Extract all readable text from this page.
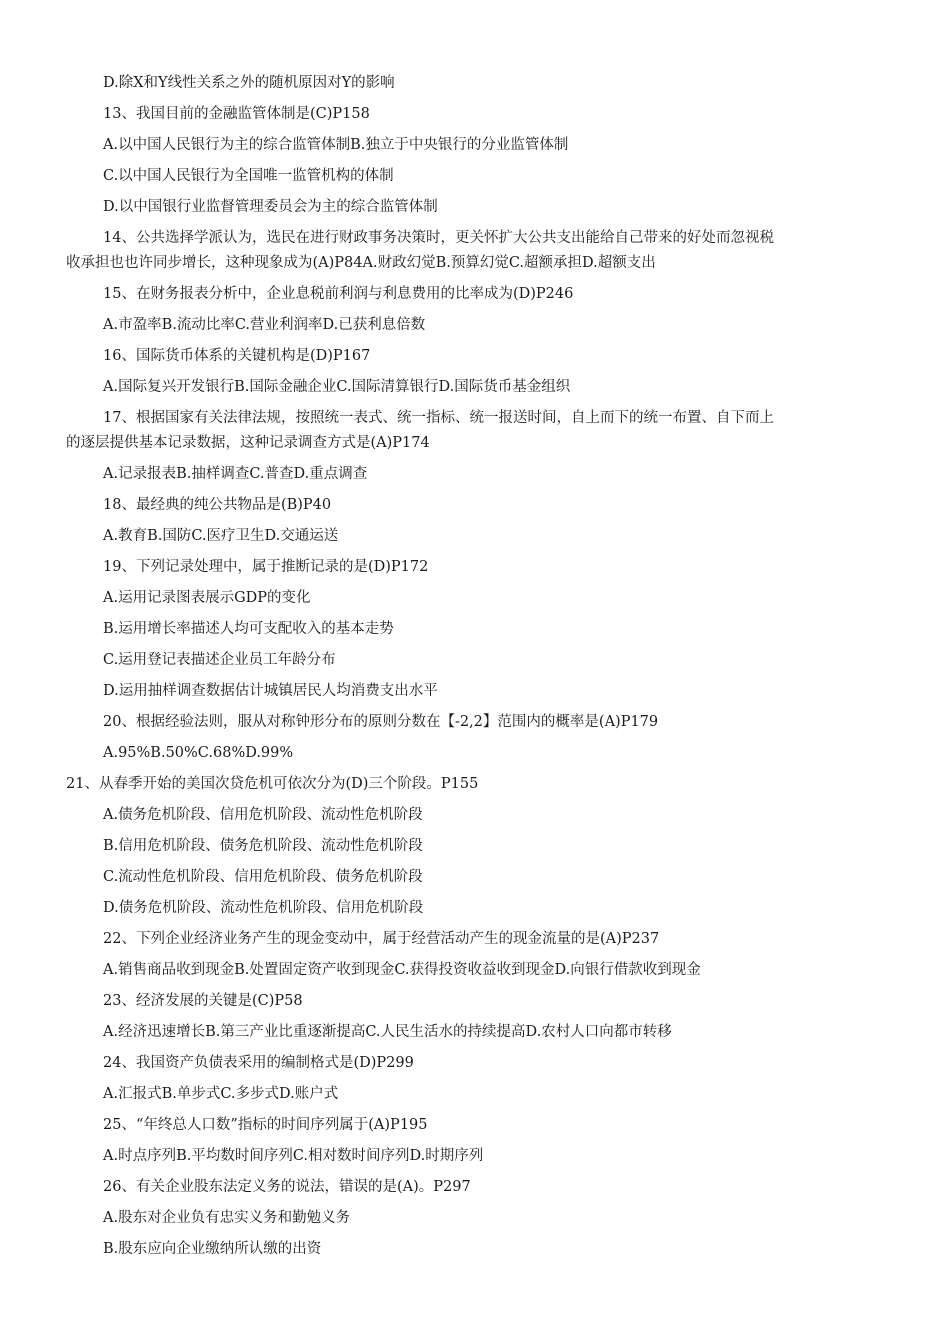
D.除X和Y线性关系之外的随机原因对Y的影响
13、我国目前的金融监管体制是(C)P158
A.以中国人民银行为主的综合监管体制B.独立于中央银行的分业监管体制
C.以中国人民银行为全国唯一监管机构的体制
D.以中国银行业监督管理委员会为主的综合监管体制
14、公共选择学派认为，选民在进行财政事务决策时，更关怀扩大公共支出能给自己带来的好处而忽视税
收承担也也许同步增长，这种现象成为(A)P84A.财政幻觉B.预算幻觉C.超额承担D.超额支出
15、在财务报表分析中，企业息税前利润与利息费用的比率成为(D)P246
A.市盈率B.流动比率C.营业利润率D.已获利息倍数
16、国际货币体系的关键机构是(D)P167
A.国际复兴开发银行B.国际金融企业C.国际清算银行D.国际货币基金组织
17、根据国家有关法律法规，按照统一表式、统一指标、统一报送时间，自上而下的统一布置、自下而上
的逐层提供基本记录数据，这种记录调查方式是(A)P174
A.记录报表B.抽样调查C.普查D.重点调查
18、最经典的纯公共物品是(B)P40
A.教育B.国防C.医疗卫生D.交通运送
19、下列记录处理中，属于推断记录的是(D)P172
A.运用记录图表展示GDP的变化
B.运用增长率描述人均可支配收入的基本走势
C.运用登记表描述企业员工年龄分布
D.运用抽样调查数据估计城镇居民人均消费支出水平
20、根据经验法则，服从对称钟形分布的原则分数在【-2,2】范围内的概率是(A)P179
A.95%B.50%C.68%D.99%
21、从春季开始的美国次贷危机可依次分为(D)三个阶段。P155
A.债务危机阶段、信用危机阶段、流动性危机阶段
B.信用危机阶段、债务危机阶段、流动性危机阶段
C.流动性危机阶段、信用危机阶段、债务危机阶段
D.债务危机阶段、流动性危机阶段、信用危机阶段
22、下列企业经济业务产生的现金变动中，属于经营活动产生的现金流量的是(A)P237
A.销售商品收到现金B.处置固定资产收到现金C.获得投资收益收到现金D.向银行借款收到现金
23、经济发展的关键是(C)P58
A.经济迅速增长B.第三产业比重逐渐提高C.人民生活水的持续提高D.农村人口向都市转移
24、我国资产负债表采用的编制格式是(D)P299
A.汇报式B.单步式C.多步式D.账户式
25、“年终总人口数”指标的时间序列属于(A)P195
A.时点序列B.平均数时间序列C.相对数时间序列D.时期序列
26、有关企业股东法定义务的说法，错误的是(A)。P297
A.股东对企业负有忠实义务和勤勉义务
B.股东应向企业缴纳所认缴的出资
